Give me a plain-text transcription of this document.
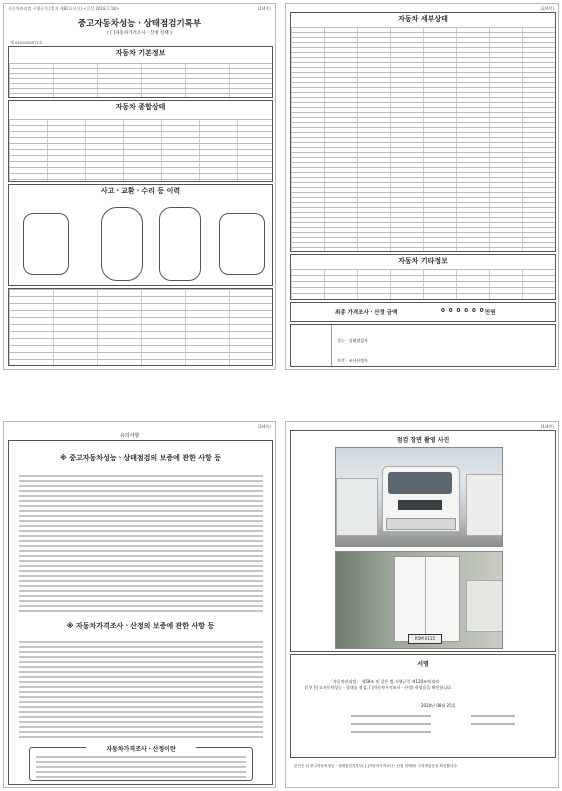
자동차관리법 시행규칙 [별지 제82호서식] <신설 2018.1.18>	(1/4쪽)
중고자동차성능ㆍ상태점검기록부
( [ ]자동차가격조사ㆍ산정 선택 )
제 0420000972호
자동차 기본정보
자동차 종합상태
사고ㆍ교환ㆍ수리 등 이력
(2/4쪽)
자동차 세부상태
자동차 기타정보
최종 가격조사ㆍ산정 금액	0 0 0 0 0 0 만원
성능ㆍ상태점검자
가격ㆍ조사산정자
(3/4쪽)
유의사항
※ 중고자동차성능ㆍ상태점검의 보증에 관한 사항 등
※ 자동차가격조사ㆍ산정의 보증에 관한 사항 등
자동차가격조사ㆍ산정이란
(4/4쪽)
점검 장면 촬영 사진
R5M 6115
서명
「자동차관리법」 제58조 및 같은 법 시행규칙 제120조에 따라
([ V ]중고자동차성능ㆍ상태를 점검, [ ]자동차가격조사ㆍ산정) 하였음을 확인합니다.
2020년 08월 25일
본인은 위 중고자동차성능ㆍ상태점검기록부( [ ]자동차가격조사ㆍ산정 선택)를 고지받았음을 확인합니다.
